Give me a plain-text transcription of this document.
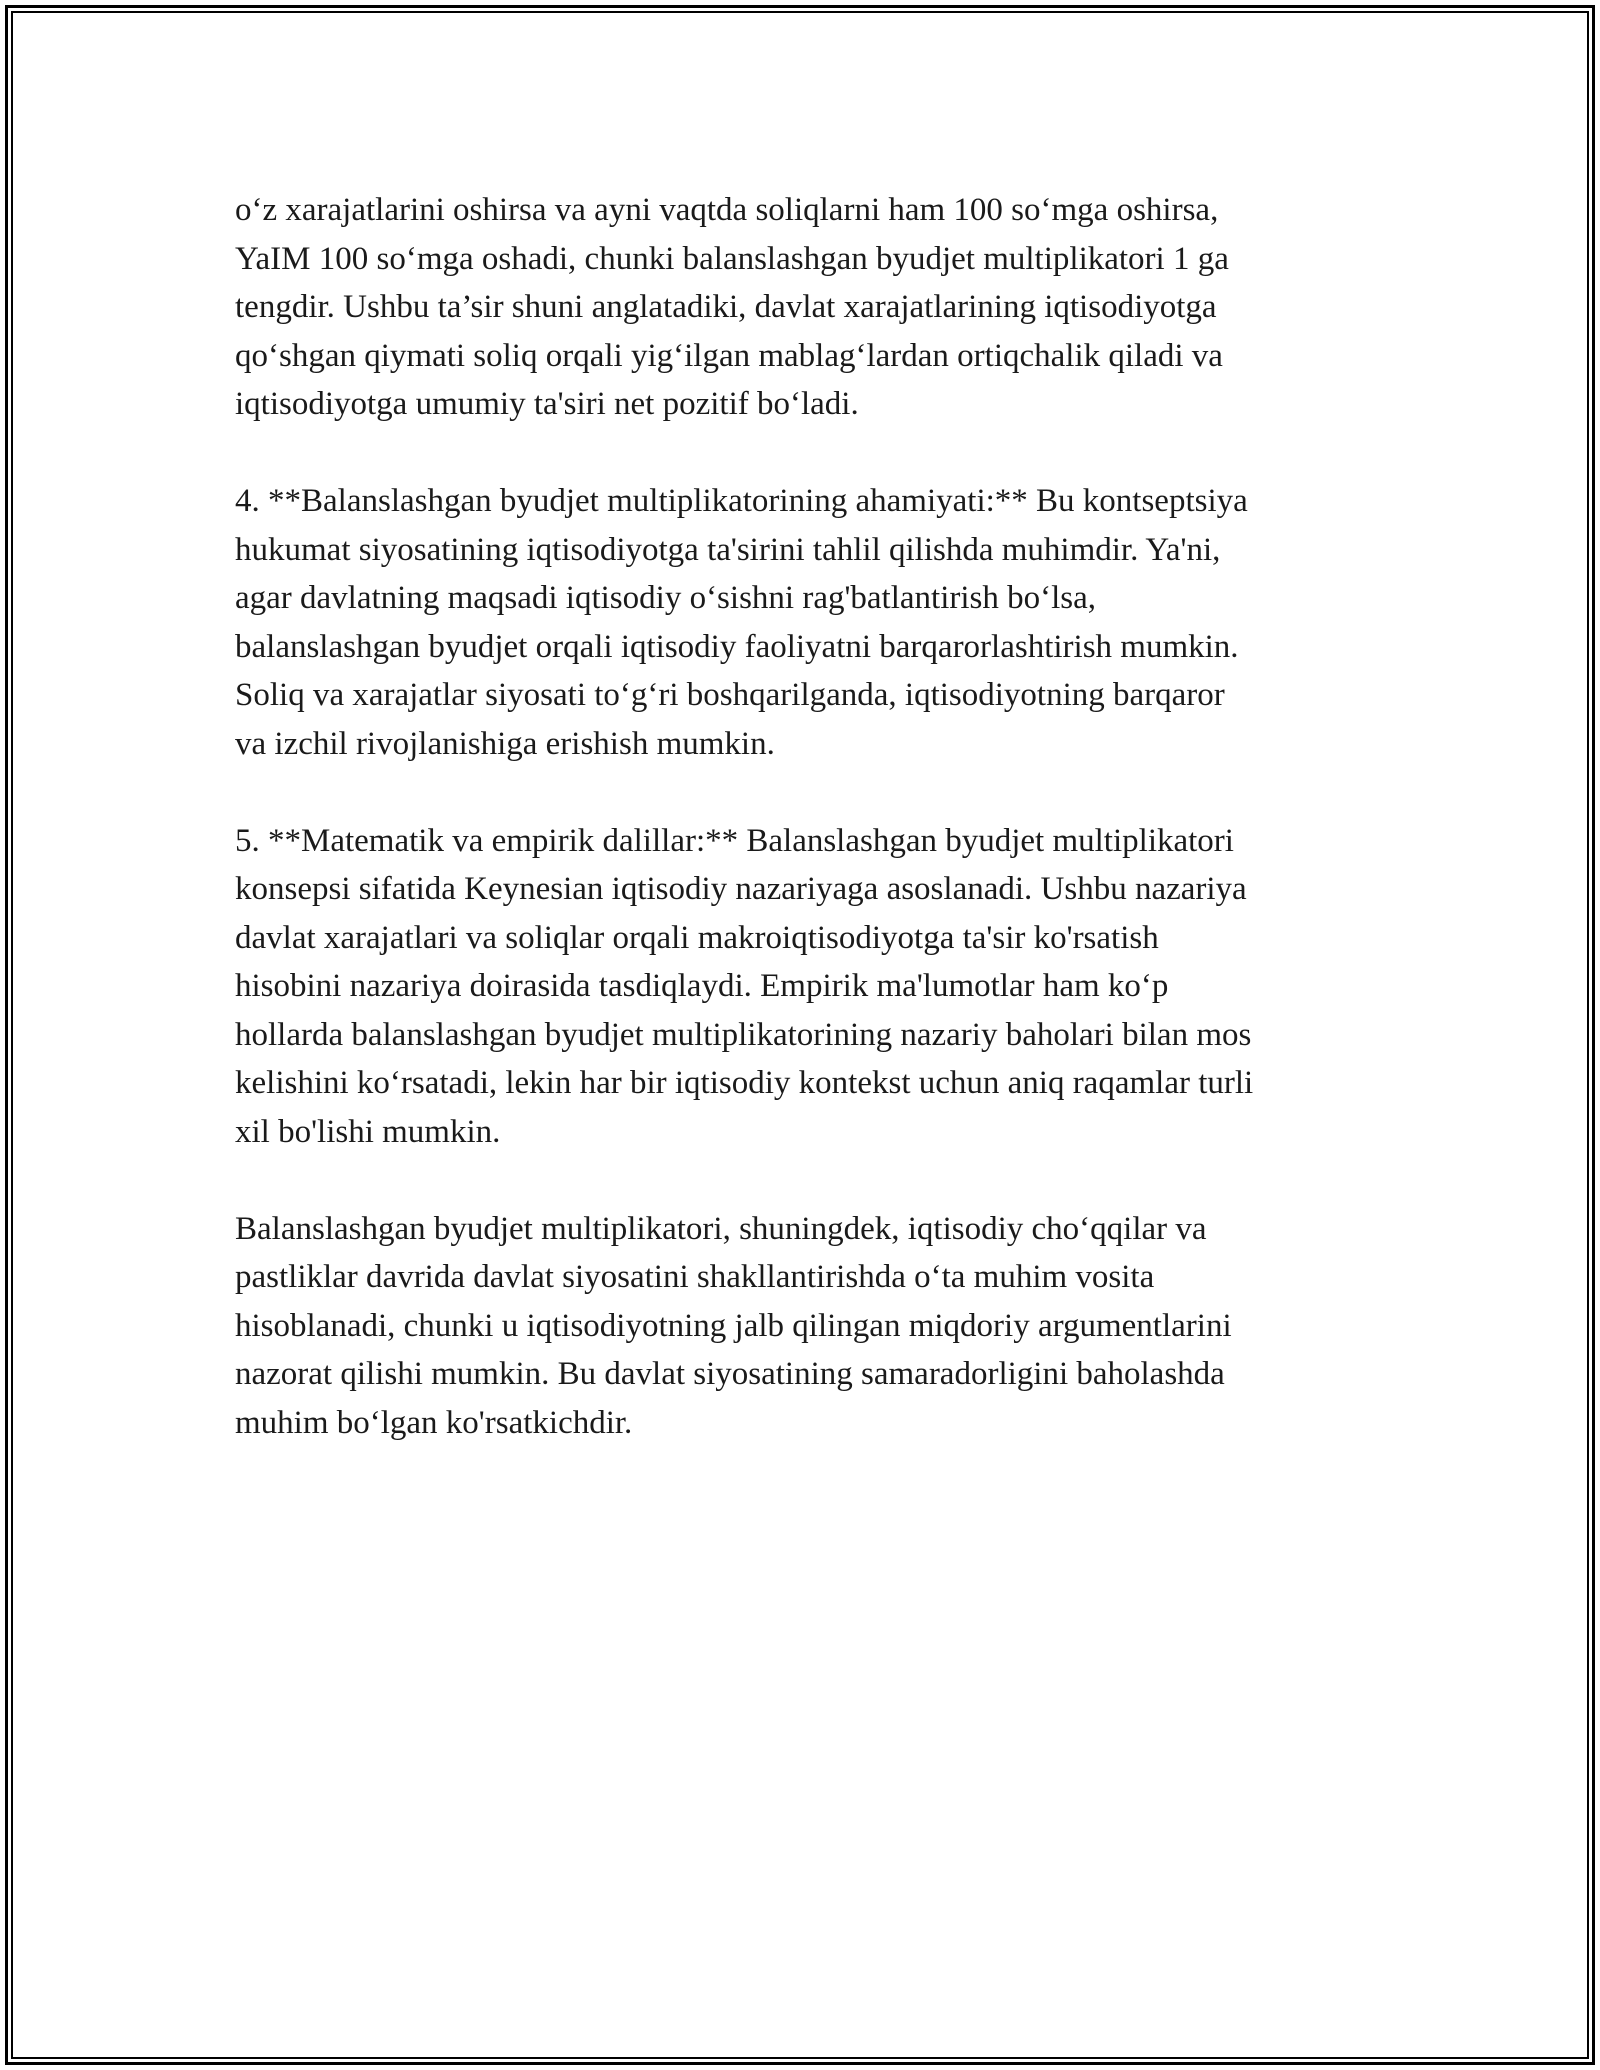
o‘z xarajatlarini oshirsa va ayni vaqtda soliqlarni ham 100 so‘mga oshirsa,
YaIM 100 so‘mga oshadi, chunki balanslashgan byudjet multiplikatori 1 ga
tengdir. Ushbu ta’sir shuni anglatadiki, davlat xarajatlarining iqtisodiyotga
qo‘shgan qiymati soliq orqali yig‘ilgan mablag‘lardan ortiqchalik qiladi va
iqtisodiyotga umumiy ta'siri net pozitif bo‘ladi.

4. **Balanslashgan byudjet multiplikatorining ahamiyati:** Bu kontseptsiya
hukumat siyosatining iqtisodiyotga ta'sirini tahlil qilishda muhimdir. Ya'ni,
agar davlatning maqsadi iqtisodiy o‘sishni rag'batlantirish bo‘lsa,
balanslashgan byudjet orqali iqtisodiy faoliyatni barqarorlashtirish mumkin.
Soliq va xarajatlar siyosati to‘g‘ri boshqarilganda, iqtisodiyotning barqaror
va izchil rivojlanishiga erishish mumkin.

5. **Matematik va empirik dalillar:** Balanslashgan byudjet multiplikatori
konsepsi sifatida Keynesian iqtisodiy nazariyaga asoslanadi. Ushbu nazariya
davlat xarajatlari va soliqlar orqali makroiqtisodiyotga ta'sir ko'rsatish
hisobini nazariya doirasida tasdiqlaydi. Empirik ma'lumotlar ham ko‘p
hollarda balanslashgan byudjet multiplikatorining nazariy baholari bilan mos
kelishini ko‘rsatadi, lekin har bir iqtisodiy kontekst uchun aniq raqamlar turli
xil bo'lishi mumkin.

Balanslashgan byudjet multiplikatori, shuningdek, iqtisodiy cho‘qqilar va
pastliklar davrida davlat siyosatini shakllantirishda o‘ta muhim vosita
hisoblanadi, chunki u iqtisodiyotning jalb qilingan miqdoriy argumentlarini
nazorat qilishi mumkin. Bu davlat siyosatining samaradorligini baholashda
muhim bo‘lgan ko'rsatkichdir.
